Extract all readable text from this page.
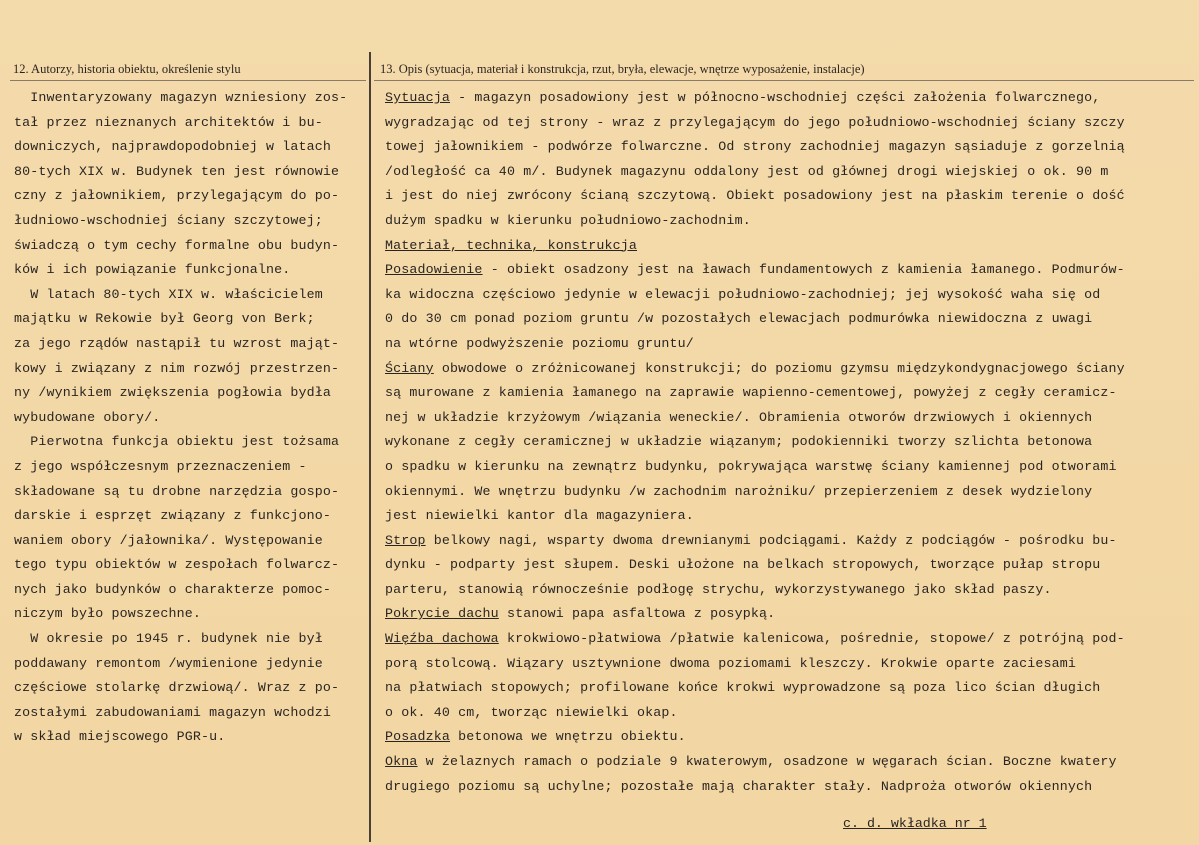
12. Autorzy, historia obiektu, określenie stylu	13. Opis (sytuacja, materiał i konstrukcja, rzut, bryła, elewacje, wnętrze wyposażenie, instalacje)
Inwentaryzowany magazyn wzniesiony zos-
tał przez nieznanych architektów i bu-
downiczych, najprawdopodobniej w latach
80-tych XIX w. Budynek ten jest równowie
czny z jałownikiem, przylegającym do po-
łudniowo-wschodniej ściany szczytowej;
świadczą o tym cechy formalne obu budyn-
ków i ich powiązanie funkcjonalne.
W latach 80-tych XIX w. właścicielem
majątku w Rekowie był Georg von Berk;
za jego rządów nastąpił tu wzrost mająt-
kowy i związany z nim rozwój przestrzen-
ny /wynikiem zwiększenia pogłowia bydła
wybudowane obory/.
Pierwotna funkcja obiektu jest tożsama
z jego współczesnym przeznaczeniem -
składowane są tu drobne narzędzia gospo-
darskie i esprzęt związany z funkcjono-
waniem obory /jałownika/. Występowanie
tego typu obiektów w zespołach folwarcz-
nych jako budynków o charakterze pomoc-
niczym było powszechne.
W okresie po 1945 r. budynek nie był
poddawany remontom /wymienione jedynie
częściowe stolarkę drzwiową/. Wraz z po-
zostałymi zabudowaniami magazyn wchodzi
w skład miejscowego PGR-u.
Sytuacja - magazyn posadowiony jest w północno-wschodniej części założenia folwarcznego,
wygradzając od tej strony - wraz z przylegającym do jego południowo-wschodniej ściany szczy
towej jałownikiem - podwórze folwarczne. Od strony zachodniej magazyn sąsiaduje z gorzelnią
/odległość ca 40 m/. Budynek magazynu oddalony jest od głównej drogi wiejskiej o ok. 90 m
i jest do niej zwrócony ścianą szczytową. Obiekt posadowiony jest na płaskim terenie o dość
dużym spadku w kierunku południowo-zachodnim.
Materiał, technika, konstrukcja
Posadowienie - obiekt osadzony jest na ławach fundamentowych z kamienia łamanego. Podmurów-
ka widoczna częściowo jedynie w elewacji południowo-zachodniej; jej wysokość waha się od
0 do 30 cm ponad poziom gruntu /w pozostałych elewacjach podmurówka niewidoczna z uwagi
na wtórne podwyższenie poziomu gruntu/
Ściany obwodowe o zróżnicowanej konstrukcji; do poziomu gzymsu międzykondygnacjowego ściany
są murowane z kamienia łamanego na zaprawie wapienno-cementowej, powyżej z cegły ceramicz-
nej w układzie krzyżowym /wiązania weneckie/. Obramienia otworów drzwiowych i okiennych
wykonane z cegły ceramicznej w układzie wiązanym; podokienniki tworzy szlichta betonowa
o spadku w kierunku na zewnątrz budynku, pokrywająca warstwę ściany kamiennej pod otworami
okiennymi. We wnętrzu budynku /w zachodnim narożniku/ przepierzeniem z desek wydzielony
jest niewielki kantor dla magazyniera.
Strop belkowy nagi, wsparty dwoma drewnianymi podciągami. Każdy z podciągów - pośrodku bu-
dynku - podparty jest słupem. Deski ułożone na belkach stropowych, tworzące pułap stropu
parteru, stanowią równocześnie podłogę strychu, wykorzystywanego jako skład paszy.
Pokrycie dachu stanowi papa asfaltowa z posypką.
Więźba dachowa krokwiowo-płatwiowa /płatwie kalenicowa, pośrednie, stopowe/ z potrójną pod-
porą stolcową. Wiązary usztywnione dwoma poziomami kleszczy. Krokwie oparte zaciesami
na płatwiach stopowych; profilowane końce krokwi wyprowadzone są poza lico ścian długich
o ok. 40 cm, tworząc niewielki okap.
Posadzka betonowa we wnętrzu obiektu.
Okna w żelaznych ramach o podziale 9 kwaterowym, osadzone w węgarach ścian. Boczne kwatery
drugiego poziomu są uchylne; pozostałe mają charakter stały. Nadproża otworów okiennych
c. d. wkładka nr 1
